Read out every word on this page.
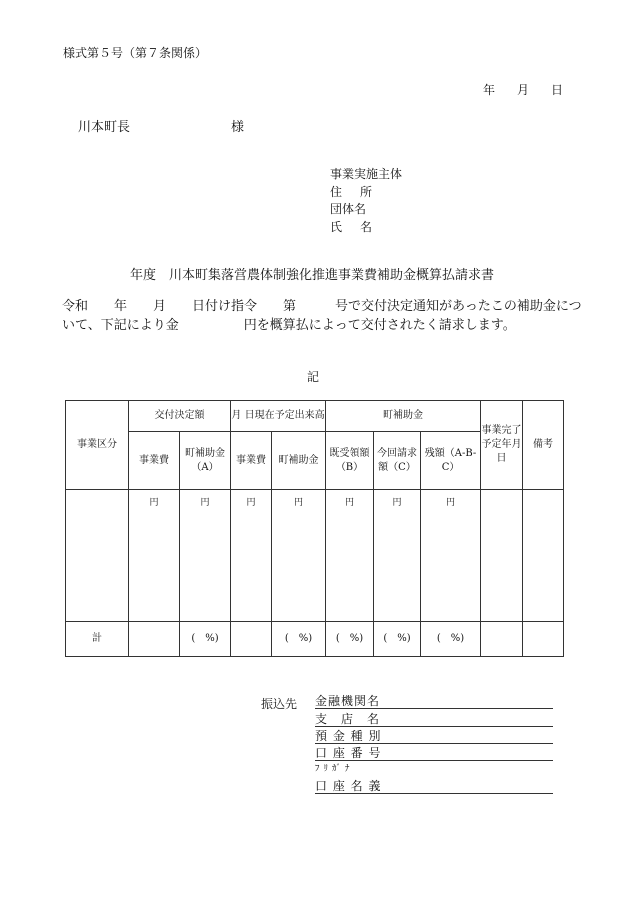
様式第５号（第７条関係）
年 月 日
川本町長	様
事業実施主体
住 所
団体名
氏 名
年度　川本町集落営農体制強化推進事業費補助金概算払請求書
令和　　年　　月　　日付け指令　　第　　　号で交付決定通知があったこの補助金について、下記により金　　　　　円を概算払によって交付されたく請求します。
記
事業区分	交付決定額		月 日現在予定出来高		町補助金			事業完了予定年月日	備考
	事業費	町補助金（A）	事業費	町補助金	既受領額（B）	今回請求額（C）	残額（A-B-C）		
	円	円	円	円	円	円	円		
計		(　%)		(　%)	(　%)	(　%)	(　%)		
振込先 金融機関名
支　店　名
預 金 種 別
口 座 番 号
ﾌﾘｶﾞﾅ
口 座 名 義
